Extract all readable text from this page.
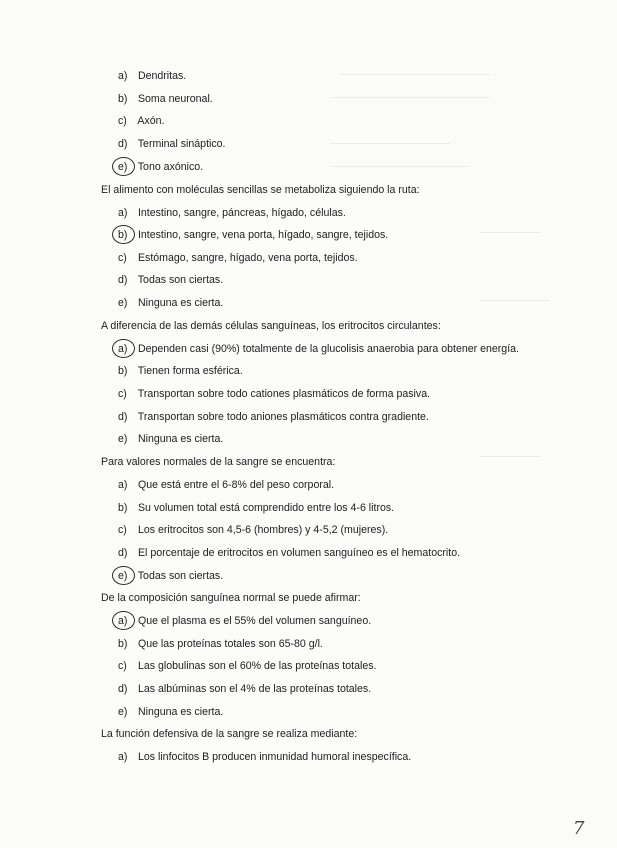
a) Dendritas.
b) Soma neuronal.
c) Axón.
d) Terminal sináptico.
e) Tono axónico.
El alimento con moléculas sencillas se metaboliza siguiendo la ruta:
a) Intestino, sangre, páncreas, hígado, células.
b) Intestino, sangre, vena porta, hígado, sangre, tejidos.
c) Estómago, sangre, hígado, vena porta, tejidos.
d) Todas son ciertas.
e) Ninguna es cierta.
A diferencia de las demás células sanguíneas, los eritrocitos circulantes:
a) Dependen casi (90%) totalmente de la glucolisis anaerobia para obtener energía.
b) Tienen forma esférica.
c) Transportan sobre todo cationes plasmáticos de forma pasiva.
d) Transportan sobre todo aniones plasmáticos contra gradiente.
e) Ninguna es cierta.
Para valores normales de la sangre se encuentra:
a) Que está entre el 6-8% del peso corporal.
b) Su volumen total está comprendido entre los 4-6 litros.
c) Los eritrocitos son 4,5-6 (hombres) y 4-5,2 (mujeres).
d) El porcentaje de eritrocitos en volumen sanguíneo es el hematocrito.
e) Todas son ciertas.
De la composición sanguínea normal se puede afirmar:
a) Que el plasma es el 55% del volumen sanguíneo.
b) Que las proteínas totales son 65-80 g/l.
c) Las globulinas son el 60% de las proteínas totales.
d) Las albúminas son el 4% de las proteínas totales.
e) Ninguna es cierta.
La función defensiva de la sangre se realiza mediante:
a) Los linfocitos B producen inmunidad humoral inespecífica.
7
